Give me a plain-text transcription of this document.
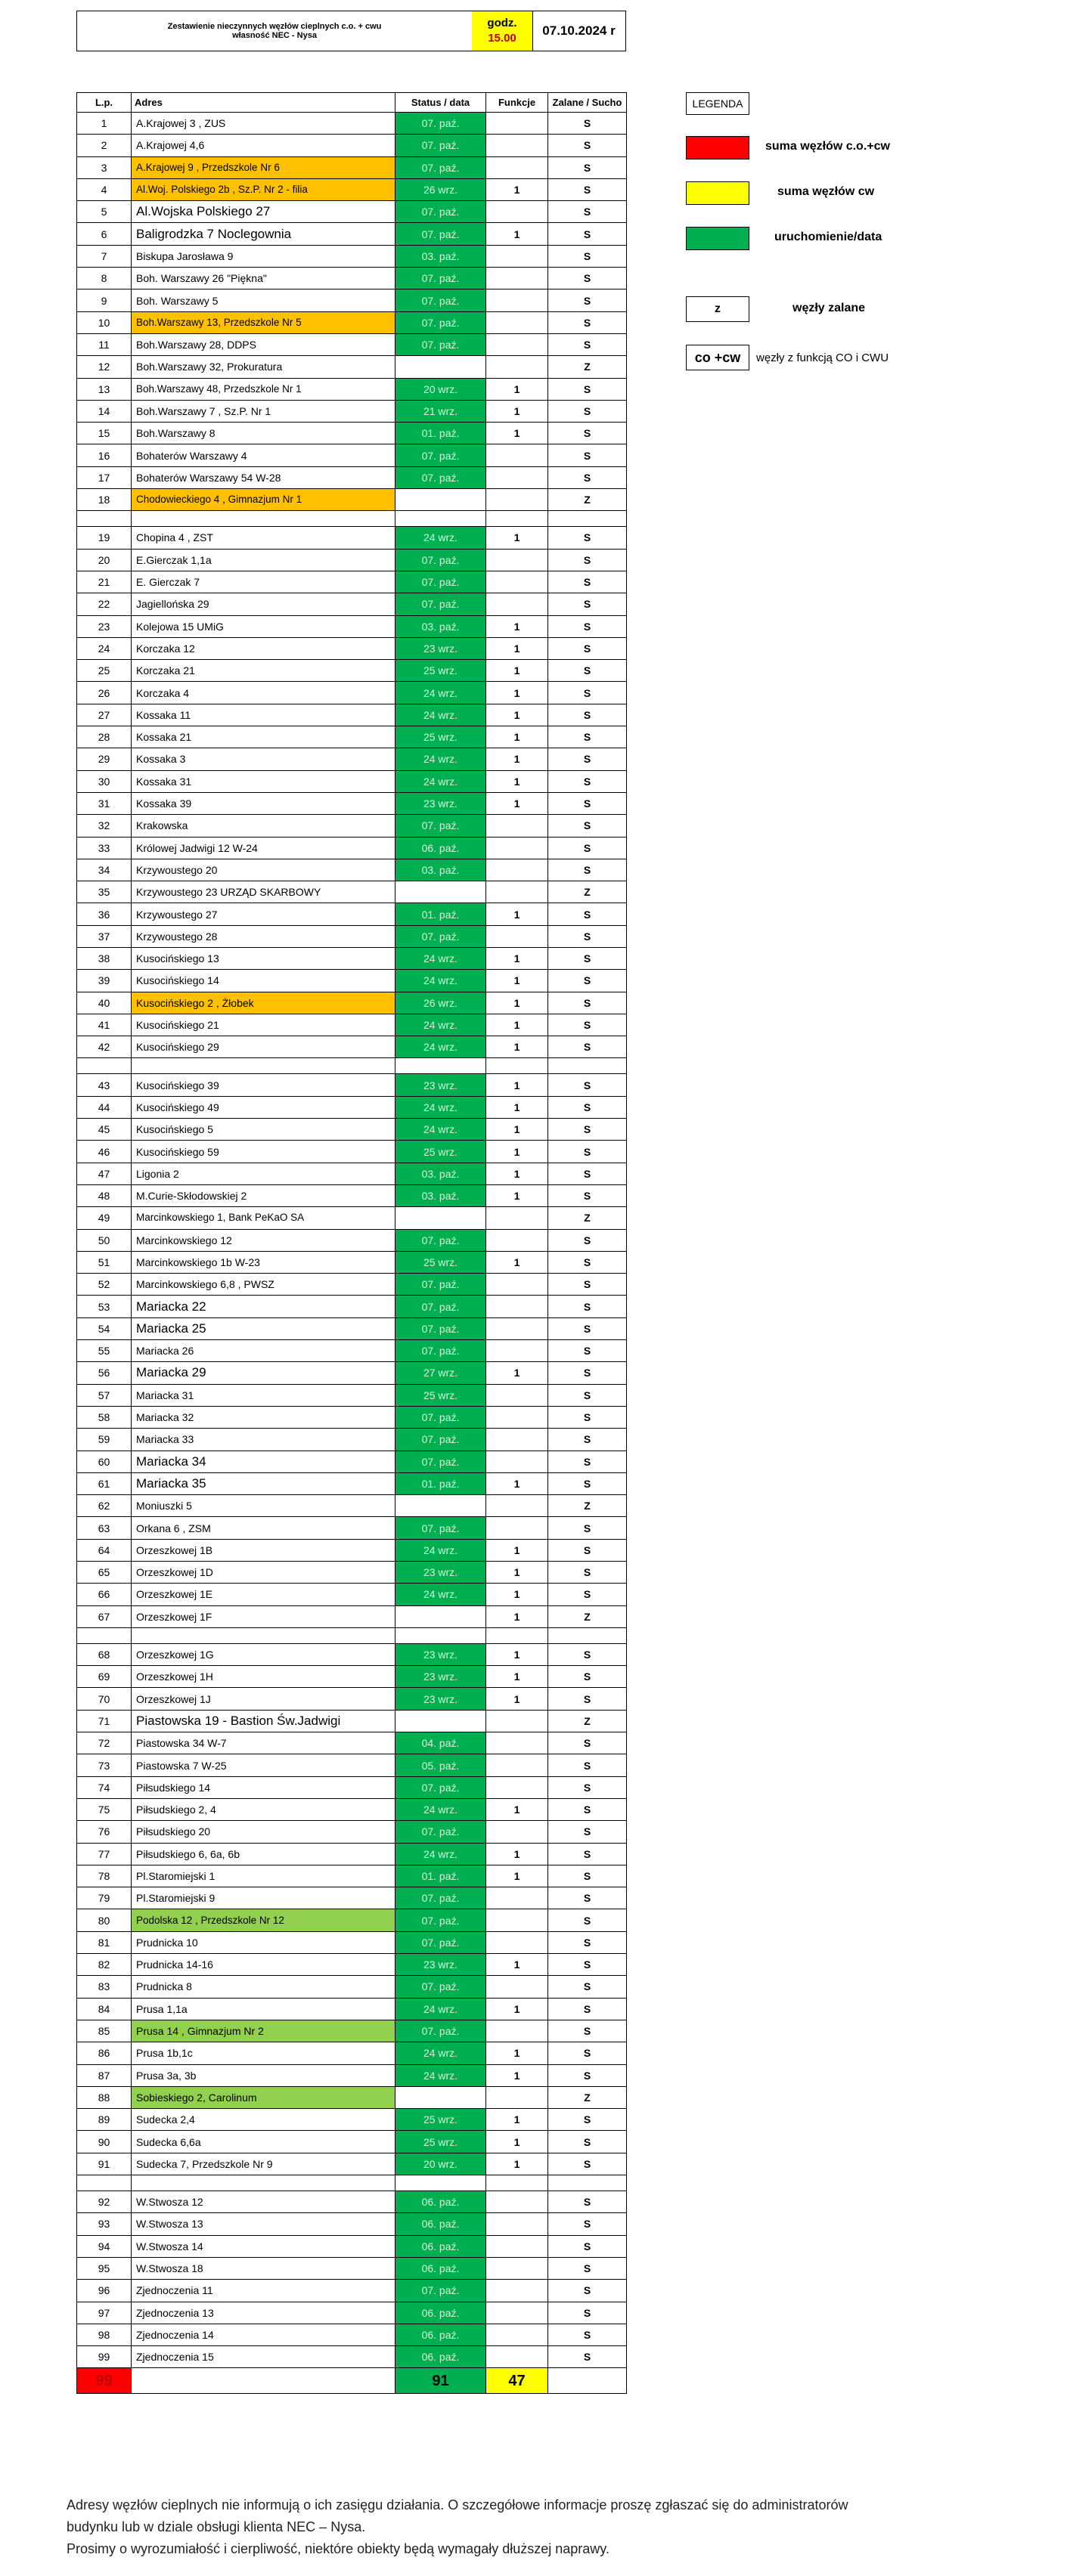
Zestawienie nieczynnych węzłów cieplnych c.o. + cwu
własność NEC - Nysa
godz.
15.00
07.10.2024 r
L.p.	Adres	Status / data	Funkcje	Zalane / Sucho
1	A.Krajowej 3 , ZUS	07. paź.		S
2	A.Krajowej 4,6	07. paź.		S
3	A.Krajowej 9 , Przedszkole Nr 6	07. paź.		S
4	Al.Woj. Polskiego 2b , Sz.P. Nr 2 - filia	26 wrz.	1	S
5	Al.Wojska Polskiego 27	07. paź.		S
6	Baligrodzka 7 Noclegownia	07. paź.	1	S
7	Biskupa Jarosława 9	03. paź.		S
8	Boh. Warszawy 26 "Piękna"	07. paź.		S
9	Boh. Warszawy 5	07. paź.		S
10	Boh.Warszawy 13, Przedszkole Nr 5	07. paź.		S
11	Boh.Warszawy 28, DDPS	07. paź.		S
12	Boh.Warszawy 32, Prokuratura			Z
13	Boh.Warszawy 48, Przedszkole Nr 1	20 wrz.	1	S
14	Boh.Warszawy 7 , Sz.P. Nr 1	21 wrz.	1	S
15	Boh.Warszawy 8	01. paź.	1	S
16	Bohaterów Warszawy 4	07. paź.		S
17	Bohaterów Warszawy 54 W-28	07. paź.		S
18	Chodowieckiego 4 , Gimnazjum Nr 1			Z

19	Chopina 4 , ZST	24 wrz.	1	S
20	E.Gierczak 1,1a	07. paź.		S
21	E. Gierczak 7	07. paź.		S
22	Jagiellońska 29	07. paź.		S
23	Kolejowa 15 UMiG	03. paź.	1	S
24	Korczaka 12	23 wrz.	1	S
25	Korczaka 21	25 wrz.	1	S
26	Korczaka 4	24 wrz.	1	S
27	Kossaka 11	24 wrz.	1	S
28	Kossaka 21	25 wrz.	1	S
29	Kossaka 3	24 wrz.	1	S
30	Kossaka 31	24 wrz.	1	S
31	Kossaka 39	23 wrz.	1	S
32	Krakowska	07. paź.		S
33	Królowej Jadwigi 12 W-24	06. paź.		S
34	Krzywoustego 20	03. paź.		S
35	Krzywoustego 23 URZĄD SKARBOWY			Z
36	Krzywoustego 27	01. paź.	1	S
37	Krzywoustego 28	07. paź.		S
38	Kusocińskiego 13	24 wrz.	1	S
39	Kusocińskiego 14	24 wrz.	1	S
40	Kusocińskiego 2 , Żłobek	26 wrz.	1	S
41	Kusocińskiego 21	24 wrz.	1	S
42	Kusocińskiego 29	24 wrz.	1	S

43	Kusocińskiego 39	23 wrz.	1	S
44	Kusocińskiego 49	24 wrz.	1	S
45	Kusocińskiego 5	24 wrz.	1	S
46	Kusocińskiego 59	25 wrz.	1	S
47	Ligonia 2	03. paź.	1	S
48	M.Curie-Skłodowskiej 2	03. paź.	1	S
49	Marcinkowskiego 1, Bank PeKaO SA			Z
50	Marcinkowskiego 12	07. paź.		S
51	Marcinkowskiego 1b W-23	25 wrz.	1	S
52	Marcinkowskiego 6,8 , PWSZ	07. paź.		S
53	Mariacka 22	07. paź.		S
54	Mariacka 25	07. paź.		S
55	Mariacka 26	07. paź.		S
56	Mariacka 29	27 wrz.	1	S
57	Mariacka 31	25 wrz.		S
58	Mariacka 32	07. paź.		S
59	Mariacka 33	07. paź.		S
60	Mariacka 34	07. paź.		S
61	Mariacka 35	01. paź.	1	S
62	Moniuszki 5			Z
63	Orkana 6 , ZSM	07. paź.		S
64	Orzeszkowej 1B	24 wrz.	1	S
65	Orzeszkowej 1D	23 wrz.	1	S
66	Orzeszkowej 1E	24 wrz.	1	S
67	Orzeszkowej 1F		1	Z

68	Orzeszkowej 1G	23 wrz.	1	S
69	Orzeszkowej 1H	23 wrz.	1	S
70	Orzeszkowej 1J	23 wrz.	1	S
71	Piastowska 19 - Bastion Św.Jadwigi			Z
72	Piastowska 34 W-7	04. paź.		S
73	Piastowska 7 W-25	05. paź.		S
74	Piłsudskiego 14	07. paź.		S
75	Piłsudskiego 2, 4	24 wrz.	1	S
76	Piłsudskiego 20	07. paź.		S
77	Piłsudskiego 6, 6a, 6b	24 wrz.	1	S
78	Pl.Staromiejski 1	01. paź.	1	S
79	Pl.Staromiejski 9	07. paź.		S
80	Podolska 12 , Przedszkole Nr 12	07. paź.		S
81	Prudnicka 10	07. paź.		S
82	Prudnicka 14-16	23 wrz.	1	S
83	Prudnicka 8	07. paź.		S
84	Prusa 1,1a	24 wrz.	1	S
85	Prusa 14 , Gimnazjum Nr 2	07. paź.		S
86	Prusa 1b,1c	24 wrz.	1	S
87	Prusa 3a, 3b	24 wrz.	1	S
88	Sobieskiego 2, Carolinum			Z
89	Sudecka 2,4	25 wrz.	1	S
90	Sudecka 6,6a	25 wrz.	1	S
91	Sudecka 7, Przedszkole Nr 9	20 wrz.	1	S

92	W.Stwosza 12	06. paź.		S
93	W.Stwosza 13	06. paź.		S
94	W.Stwosza 14	06. paź.		S
95	W.Stwosza 18	06. paź.		S
96	Zjednoczenia 11	07. paź.		S
97	Zjednoczenia 13	06. paź.		S
98	Zjednoczenia 14	06. paź.		S
99	Zjednoczenia 15	06. paź.		S
99		91	47	
LEGENDA
suma węzłów c.o.+cw
suma węzłów cw
uruchomienie/data
z	węzły zalane
co +cw	węzły z funkcją CO i CWU
Adresy węzłów cieplnych nie informują o ich zasięgu działania. O szczegółowe informacje proszę zgłaszać się do administratorów
budynku lub w dziale obsługi klienta NEC – Nysa.
Prosimy o wyrozumiałość i cierpliwość, niektóre obiekty będą wymagały dłuższej naprawy.
